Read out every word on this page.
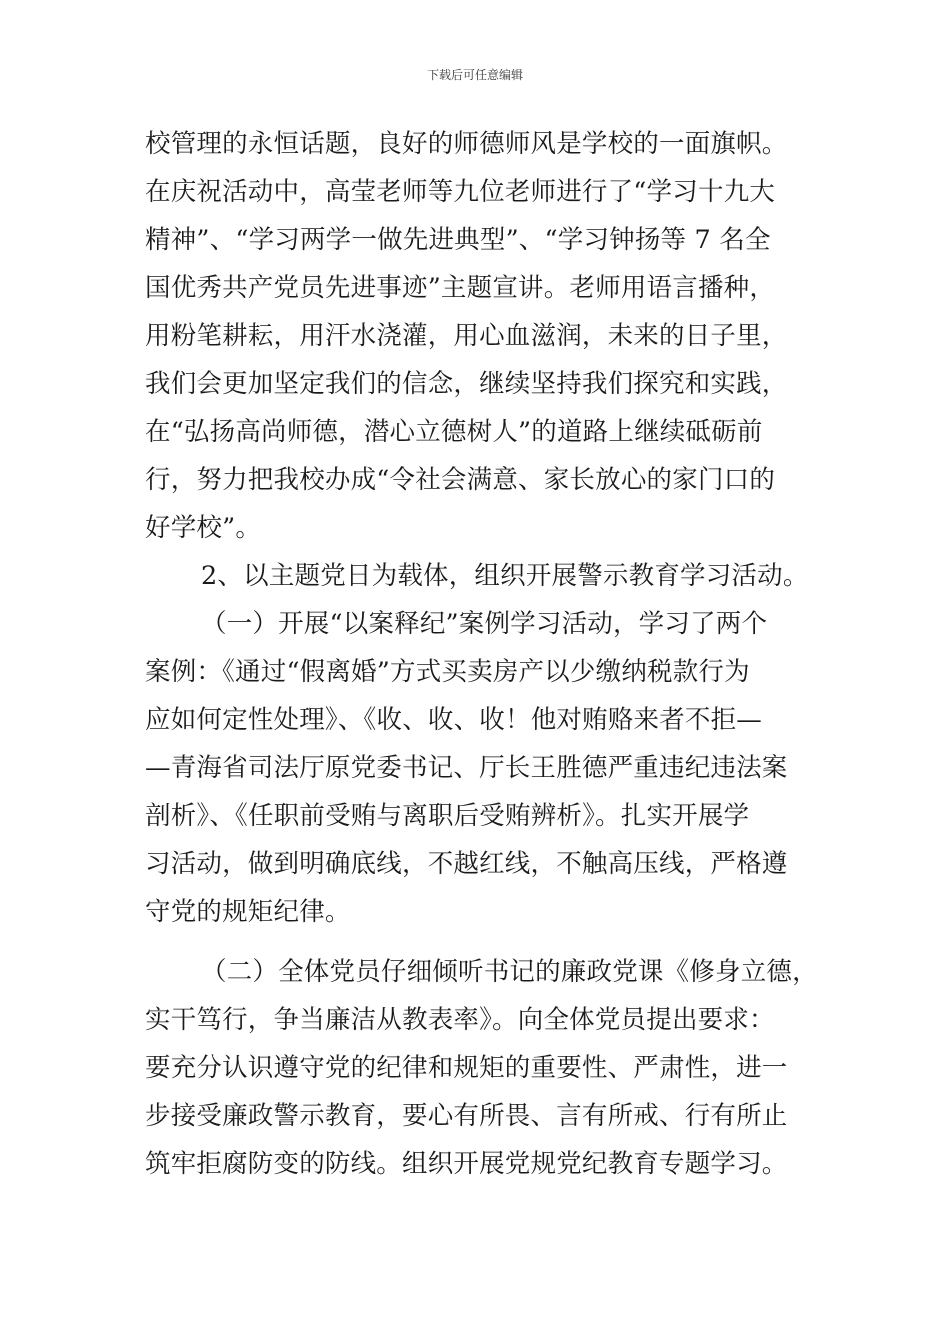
下载后可任意编辑
校管理的永恒话题，良好的师德师风是学校的一面旗帜。
在庆祝活动中，高莹老师等九位老师进行了“学习十九大
精神”、“学习两学一做先进典型”、“学习钟扬等 7 名全
国优秀共产党员先进事迹”主题宣讲。老师用语言播种，
用粉笔耕耘，用汗水浇灌，用心血滋润，未来的日子里，
我们会更加坚定我们的信念，继续坚持我们探究和实践，
在“弘扬高尚师德，潜心立德树人”的道路上继续砥砺前
行，努力把我校办成“令社会满意、家长放心的家门口的
好学校”。
2、以主题党日为载体，组织开展警示教育学习活动。
（一）开展“以案释纪”案例学习活动，学习了两个
案例：《通过“假离婚”方式买卖房产以少缴纳税款行为
应如何定性处理》、《收、收、收！他对贿赂来者不拒—
—青海省司法厅原党委书记、厅长王胜德严重违纪违法案
剖析》、《任职前受贿与离职后受贿辨析》。扎实开展学
习活动，做到明确底线，不越红线，不触高压线，严格遵
守党的规矩纪律。
（二）全体党员仔细倾听书记的廉政党课《修身立德，
实干笃行，争当廉洁从教表率》。向全体党员提出要求：
要充分认识遵守党的纪律和规矩的重要性、严肃性，进一
步接受廉政警示教育，要心有所畏、言有所戒、行有所止
筑牢拒腐防变的防线。组织开展党规党纪教育专题学习。
